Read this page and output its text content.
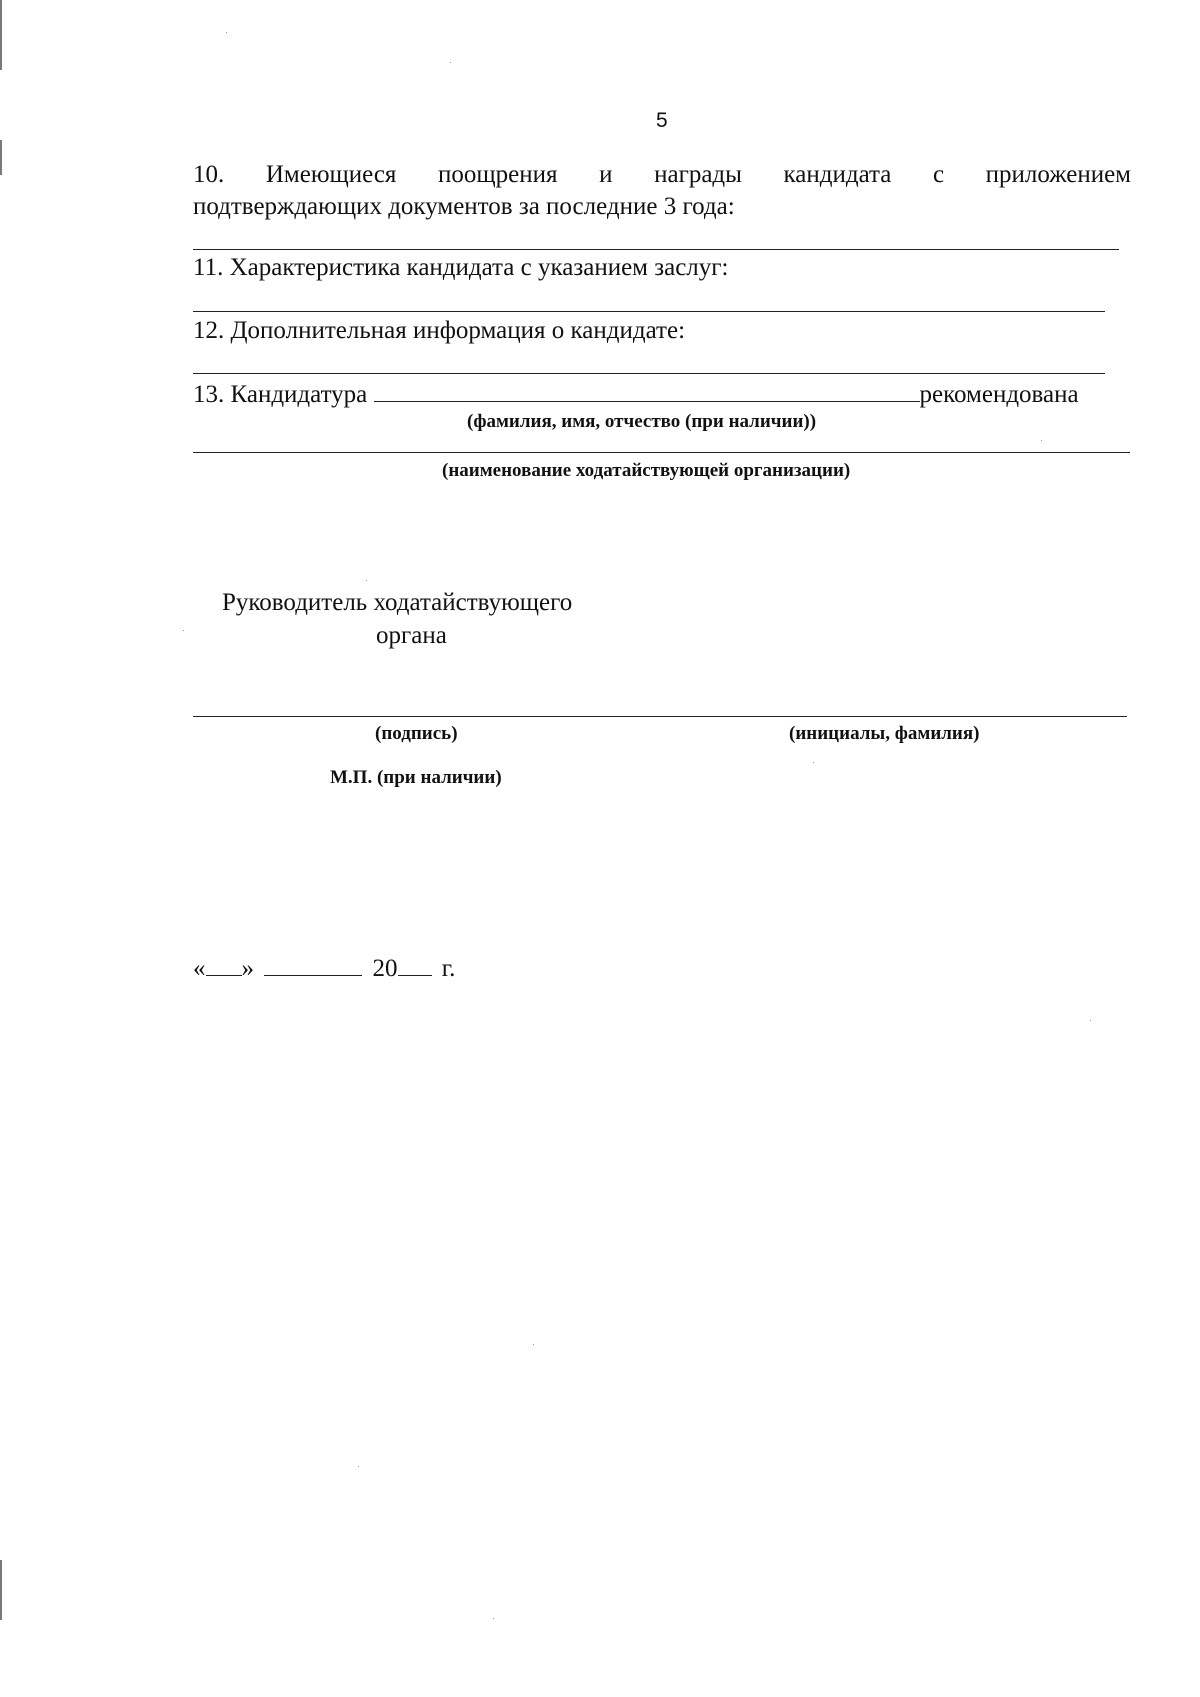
5
10. Имеющиеся поощрения и награды кандидата с приложением
подтверждающих документов за последние 3 года:
11. Характеристика кандидата с указанием заслуг:
12. Дополнительная информация о кандидате:
13. Кандидатура	рекомендована
(фамилия, имя, отчество (при наличии))
(наименование ходатайствующей организации)
Руководитель ходатайствующего
органа
(подпись)	(инициалы, фамилия)
М.П. (при наличии)
« »	20 г.
